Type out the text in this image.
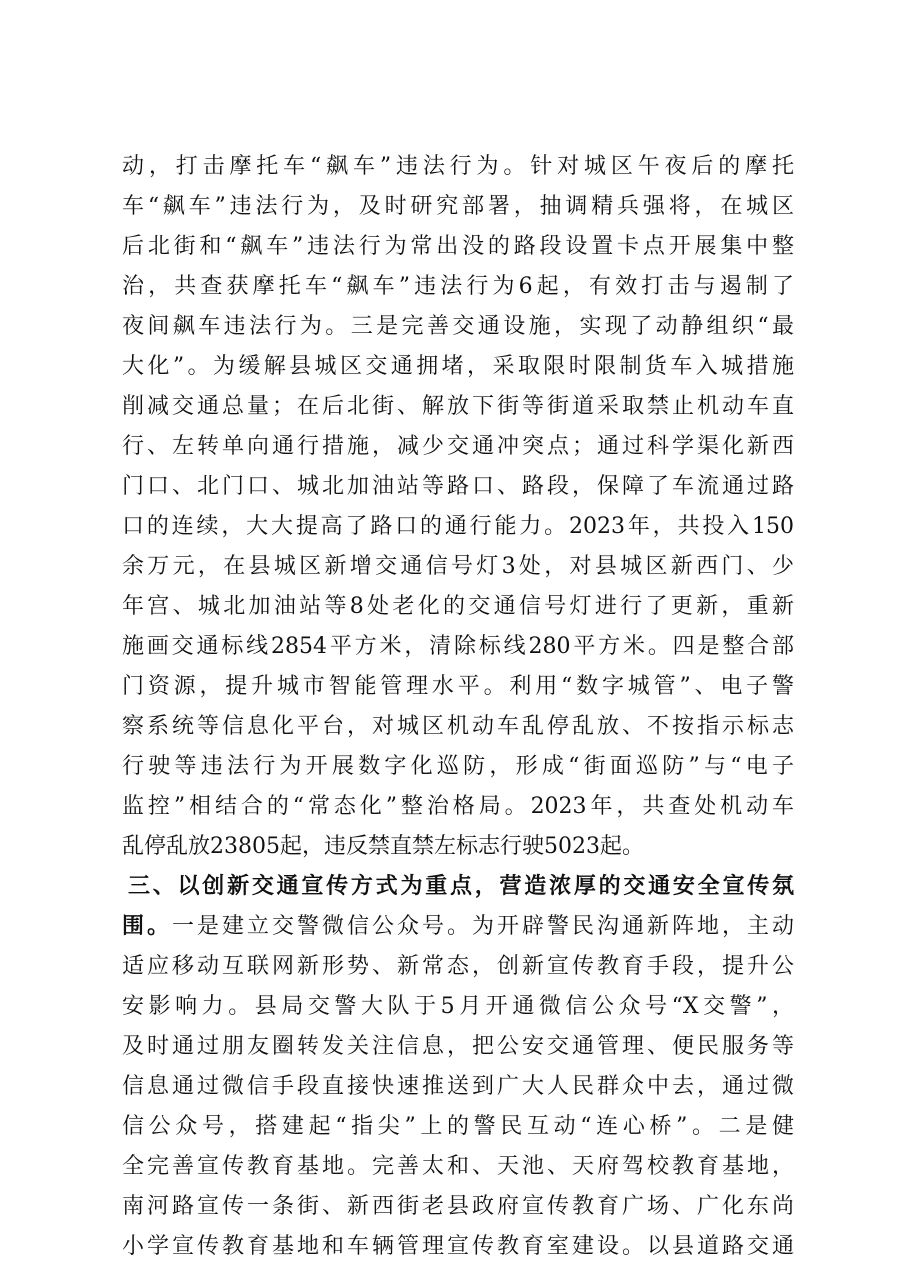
动，打击摩托车“飙车”违法行为。针对城区午夜后的摩托
车“飙车”违法行为，及时研究部署，抽调精兵强将，在城区
后北街和“飙车”违法行为常出没的路段设置卡点开展集中整
治，共查获摩托车“飙车”违法行为6起，有效打击与遏制了
夜间飙车违法行为。三是完善交通设施，实现了动静组织“最
大化”。为缓解县城区交通拥堵，采取限时限制货车入城措施
削减交通总量；在后北街、解放下街等街道采取禁止机动车直
行、左转单向通行措施，减少交通冲突点；通过科学渠化新西
门口、北门口、城北加油站等路口、路段，保障了车流通过路
口的连续，大大提高了路口的通行能力。2023年，共投入150
余万元，在县城区新增交通信号灯3处，对县城区新西门、少
年宫、城北加油站等8处老化的交通信号灯进行了更新，重新
施画交通标线2854平方米，清除标线280平方米。四是整合部
门资源，提升城市智能管理水平。利用“数字城管”、电子警
察系统等信息化平台，对城区机动车乱停乱放、不按指示标志
行驶等违法行为开展数字化巡防，形成“街面巡防”与“电子
监控”相结合的“常态化”整治格局。2023年，共查处机动车
乱停乱放23805起，违反禁直禁左标志行驶5023起。
三、以创新交通宣传方式为重点，营造浓厚的交通安全宣传氛
围。一是建立交警微信公众号。为开辟警民沟通新阵地，主动
适应移动互联网新形势、新常态，创新宣传教育手段，提升公
安影响力。县局交警大队于5月开通微信公众号“X交警”，
及时通过朋友圈转发关注信息，把公安交通管理、便民服务等
信息通过微信手段直接快速推送到广大人民群众中去，通过微
信公众号，搭建起“指尖”上的警民互动“连心桥”。二是健
全完善宣传教育基地。完善太和、天池、天府驾校教育基地，
南河路宣传一条街、新西街老县政府宣传教育广场、广化东尚
小学宣传教育基地和车辆管理宣传教育室建设。以县道路交通
